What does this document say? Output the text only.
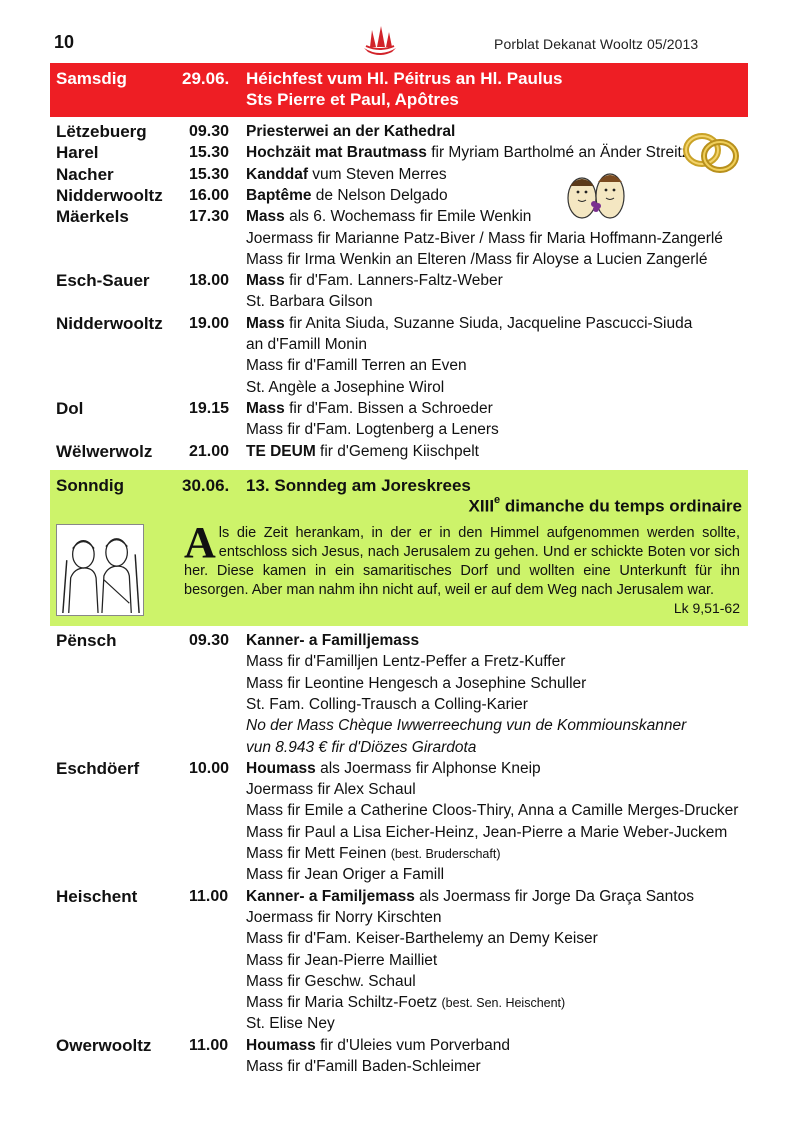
10	Porblat Dekanat Wooltz 05/2013
Samsdig	29.06. Héichfest vum Hl. Péitrus an Hl. Paulus
Sts Pierre et Paul, Apôtres
Lëtzebuerg	09.30 Priesterwei an der Kathedral
Harel	15.30 Hochzäit mat Brautmass fir Myriam Bartholmé an Änder Streitz
Nacher	15.30 Kanddaf vum Steven Merres
Nidderwooltz 16.00 Baptême de Nelson Delgado
Mäerkels	17.30 Mass als 6. Wochemass fir Emile Wenkin
Joermass fir Marianne Patz-Biver / Mass fir Maria Hoffmann-Zangerlé
Mass fir Irma Wenkin an Elteren /Mass fir Aloyse a Lucien Zangerlé
Esch-Sauer 18.00 Mass fir d'Fam. Lanners-Faltz-Weber
St. Barbara Gilson
Nidderwooltz 19.00 Mass fir Anita Siuda, Suzanne Siuda, Jacqueline Pascucci-Siuda
an d'Famill Monin
Mass fir d'Famill Terren an Even
St. Angèle a Josephine Wirol
Dol	19.15 Mass fir d'Fam. Bissen a Schroeder
Mass fir d'Fam. Logtenberg a Leners
Wëlwerwolz 21.00 TE DEUM fir d'Gemeng Kiischpelt
Sonndig	30.06. 13. Sonndeg am Joreskrees
XIIIe dimanche du temps ordinaire
Als die Zeit herankam, in der er in den Himmel aufgenommen werden sollte, entschloss sich Jesus, nach Jerusalem zu gehen. Und er schickte Boten vor sich her. Diese kamen in ein samaritisches Dorf und wollten eine Unterkunft für ihn besorgen. Aber man nahm ihn nicht auf, weil er auf dem Weg nach Jerusalem war.
Lk 9,51-62
Pënsch	09.30 Kanner- a Familljemass
Mass fir d'Familljen Lentz-Peffer a Fretz-Kuffer
Mass fir Leontine Hengesch a Josephine Schuller
St. Fam. Colling-Trausch a Colling-Karier
No der Mass Chèque Iwwerreechung vun de Kommiounskanner
vun 8.943 € fir d'Diözes Girardota
Eschdöerf	10.00 Houmass als Joermass fir Alphonse Kneip
Joermass fir Alex Schaul
Mass fir Emile a Catherine Cloos-Thiry, Anna a Camille Merges-Drucker
Mass fir Paul a Lisa Eicher-Heinz, Jean-Pierre a Marie Weber-Juckem
Mass fir Mett Feinen (best. Bruderschaft)
Mass fir Jean Origer a Famill
Heischent	11.00 Kanner- a Familjemass als Joermass fir Jorge Da Graça Santos
Joermass fir Norry Kirschten
Mass fir d'Fam. Keiser-Barthelemy an Demy Keiser
Mass fir Jean-Pierre Mailliet
Mass fir Geschw. Schaul
Mass fir Maria Schiltz-Foetz (best. Sen. Heischent)
St. Elise Ney
Owerwooltz 11.00 Houmass fir d'Uleies vum Porverband
Mass fir d'Famill Baden-Schleimer
